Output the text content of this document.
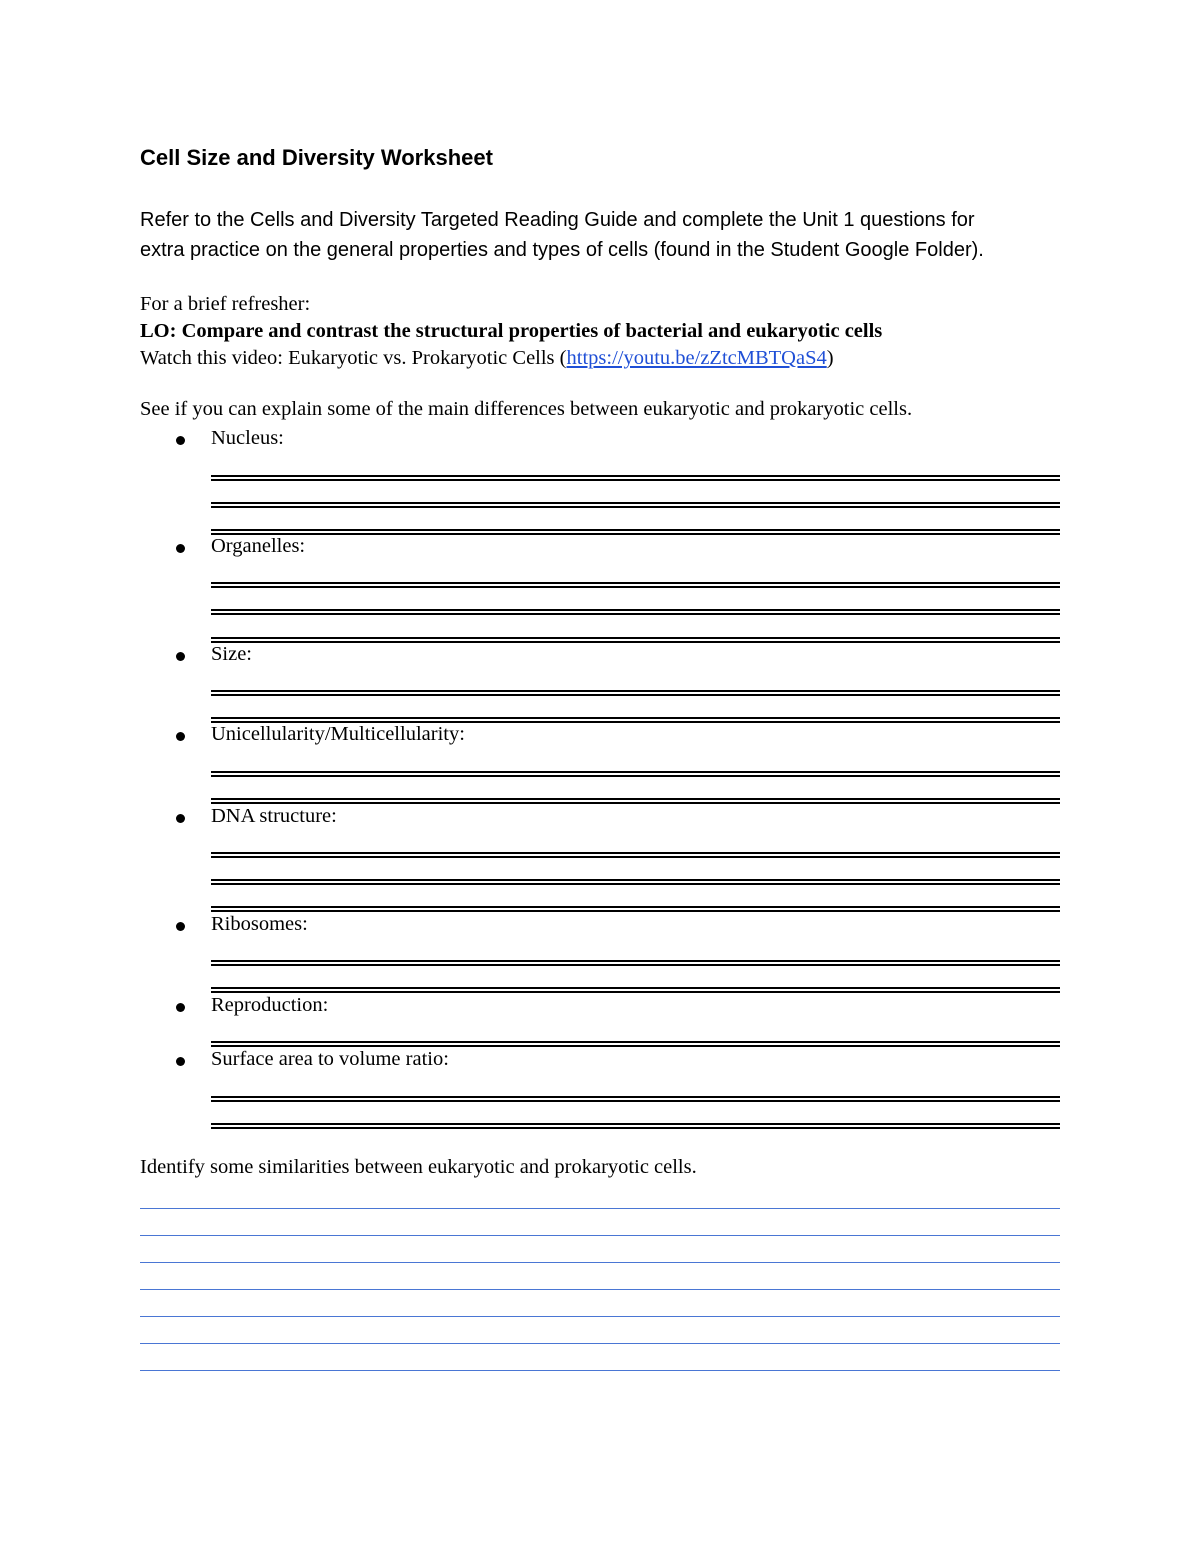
Cell Size and Diversity Worksheet
Refer to the Cells and Diversity Targeted Reading Guide and complete the Unit 1 questions for
extra practice on the general properties and types of cells (found in the Student Google Folder).
For a brief refresher:
LO: Compare and contrast the structural properties of bacterial and eukaryotic cells
Watch this video: Eukaryotic vs. Prokaryotic Cells (https://youtu.be/zZtcMBTQaS4)
See if you can explain some of the main differences between eukaryotic and prokaryotic cells.
Nucleus:
Organelles:
Size:
Unicellularity/Multicellularity:
DNA structure:
Ribosomes:
Reproduction:
Surface area to volume ratio:
Identify some similarities between eukaryotic and prokaryotic cells.
